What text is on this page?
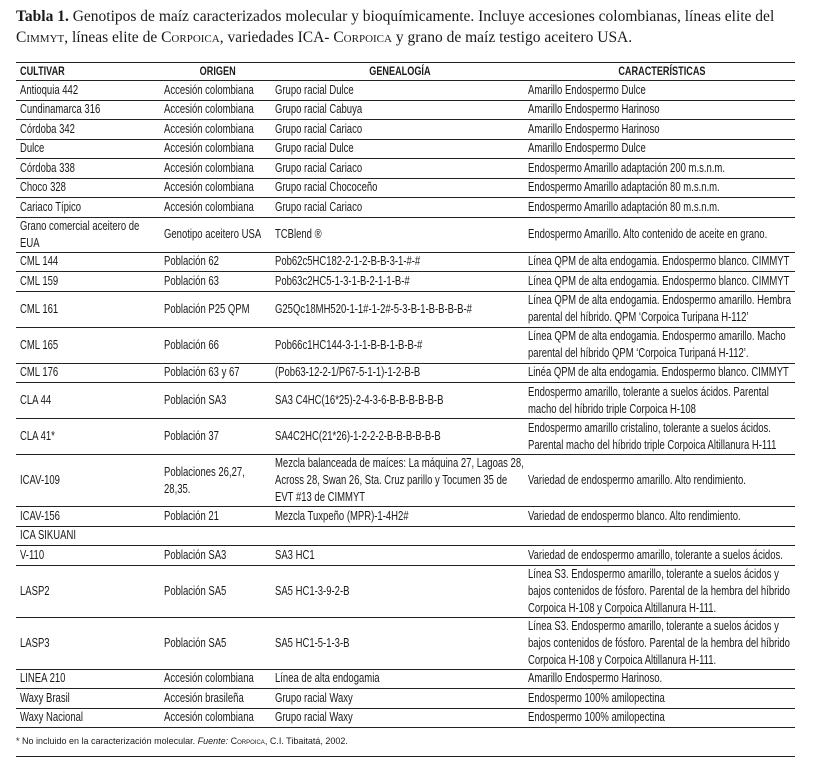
Tabla 1. Genotipos de maíz caracterizados molecular y bioquímicamente. Incluye accesiones colombianas, líneas elite del Cimmyt, líneas elite de Corpoica, variedades ICA- Corpoica y grano de maíz testigo aceitero USA.
CULTIVAR	ORIGEN	GENEALOGÍA	CARACTERÍSTICAS

Antioquia 442	Accesión colombiana	Grupo racial Dulce	Amarillo Endospermo Dulce

Cundinamarca 316	Accesión colombiana	Grupo racial Cabuya	Amarillo Endospermo Harinoso

Córdoba 342	Accesión colombiana	Grupo racial Cariaco	Amarillo Endospermo Harinoso

Dulce	Accesión colombiana	Grupo racial Dulce	Amarillo Endospermo Dulce

Córdoba 338	Accesión colombiana	Grupo racial Cariaco	Endospermo Amarillo adaptación 200 m.s.n.m.

Choco 328	Accesión colombiana	Grupo racial Chococeño	Endospermo Amarillo adaptación 80 m.s.n.m.

Cariaco Típico	Accesión colombiana	Grupo racial Cariaco	Endospermo Amarillo adaptación 80 m.s.n.m.

Grano comercial aceitero de EUA	Genotipo aceitero USA	TCBlend ®	Endospermo Amarillo. Alto contenido de aceite en grano.

CML 144	Población 62	Pob62c5HC182-2-1-2-B-B-3-1-#-#	Línea QPM de alta endogamia. Endospermo blanco. CIMMYT

CML 159	Población 63	Pob63c2HC5-1-3-1-B-2-1-1-B-#	Línea QPM de alta endogamia. Endospermo blanco. CIMMYT

CML 161	Población P25 QPM	G25Qc18MH520-1-1#-1-2#-5-3-B-1-B-B-B-B-#	Línea QPM de alta endogamia. Endospermo amarillo. Hembra parental del híbrido. QPM ‘Corpoica Turipana H-112’

CML 165	Población 66	Pob66c1HC144-3-1-1-B-B-1-B-B-#	Línea QPM de alta endogamia. Endospermo amarillo. Macho parental del híbrido QPM ‘Corpoica Turipaná H-112’.

CML 176	Población 63 y 67	(Pob63-12-2-1/P67-5-1-1)-1-2-B-B	Linéa QPM de alta endogamia. Endospermo blanco. CIMMYT

CLA 44	Población SA3	SA3 C4HC(16*25)-2-4-3-6-B-B-B-B-B-B	Endospermo amarillo, tolerante a suelos ácidos. Parental macho del híbrido triple Corpoica H-108

CLA 41*	Población 37	SA4C2HC(21*26)-1-2-2-2-B-B-B-B-B-B	Endospermo amarillo cristalino, tolerante a suelos ácidos. Parental macho del híbrido triple Corpoica Altillanura H-111

ICAV-109	Poblaciones 26,27, 28,35.	Mezcla balanceada de maíces: La máquina 27, Lagoas 28, Across 28, Swan 26, Sta. Cruz parillo y Tocumen 35 de EVT #13 de CIMMYT	Variedad de endospermo amarillo. Alto rendimiento.

ICAV-156	Población 21	Mezcla Tuxpeño (MPR)-1-4H2#	Variedad de endospermo blanco. Alto rendimiento.

ICA SIKUANI			

V-110	Población SA3	SA3 HC1	Variedad de endospermo amarillo, tolerante a suelos ácidos.

LASP2	Población SA5	SA5 HC1-3-9-2-B	Línea S3. Endospermo amarillo, tolerante a suelos ácidos y bajos contenidos de fósforo. Parental de la hembra del híbrido Corpoica H-108 y Corpoica Altillanura H-111.

LASP3	Población SA5	SA5 HC1-5-1-3-B	Línea S3. Endospermo amarillo, tolerante a suelos ácidos y bajos contenidos de fósforo. Parental de la hembra del híbrido Corpoica H-108 y Corpoica Altillanura H-111.

LINEA 210	Accesión colombiana	Línea de alta endogamia	Amarillo Endospermo Harinoso.

Waxy Brasil	Accesión brasileña	Grupo racial Waxy	Endospermo 100% amilopectina

Waxy Nacional	Accesión colombiana	Grupo racial Waxy	Endospermo 100% amilopectina
* No incluido en la caracterización molecular. Fuente: Corpoica, C.I. Tibaitatá, 2002.
